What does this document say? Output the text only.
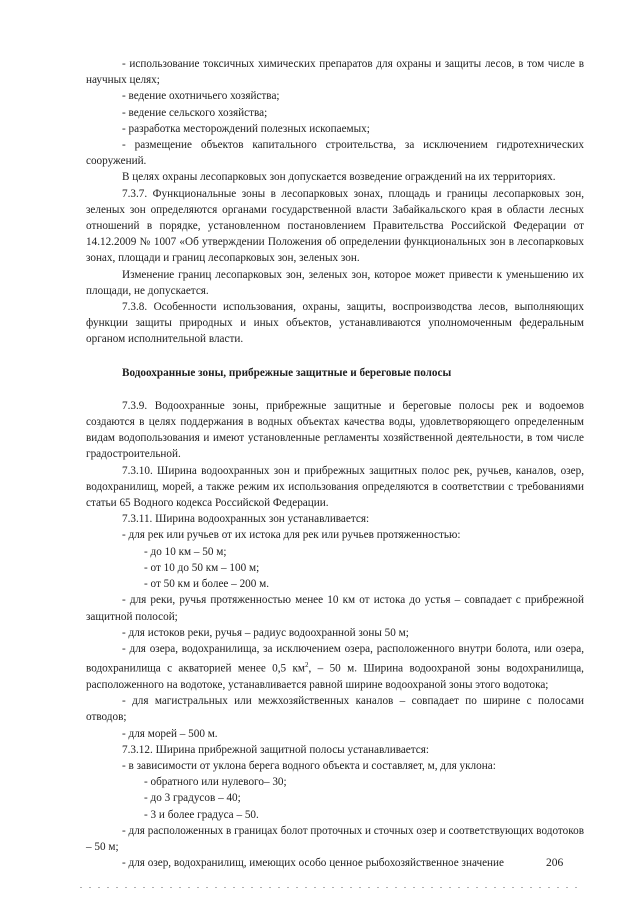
- использование токсичных химических препаратов для охраны и защиты лесов, в том числе в научных целях;

- ведение охотничьего хозяйства;

- ведение сельского хозяйства;

- разработка месторождений полезных ископаемых;

- размещение объектов капитального строительства, за исключением гидротехнических сооружений.

В целях охраны лесопарковых зон допускается возведение ограждений на их территориях.

7.3.7. Функциональные зоны в лесопарковых зонах, площадь и границы лесопарковых зон, зеленых зон определяются органами государственной власти Забайкальского края в области лесных отношений в порядке, установленном постановлением Правительства Российской Федерации от 14.12.2009 № 1007 «Об утверждении Положения об определении функциональных зон в лесопарковых зонах, площади и границ лесопарковых зон, зеленых зон.

Изменение границ лесопарковых зон, зеленых зон, которое может привести к уменьшению их площади, не допускается.

7.3.8. Особенности использования, охраны, защиты, воспроизводства лесов, выполняющих функции защиты природных и иных объектов, устанавливаются уполномоченным федеральным органом исполнительной власти.

Водоохранные зоны, прибрежные защитные и береговые полосы

7.3.9. Водоохранные зоны, прибрежные защитные и береговые полосы рек и водоемов создаются в целях поддержания в водных объектах качества воды, удовлетворяющего определенным видам водопользования и имеют установленные регламенты хозяйственной деятельности, в том числе градостроительной.

7.3.10. Ширина водоохранных зон и прибрежных защитных полос рек, ручьев, каналов, озер, водохранилищ, морей, а также режим их использования определяются в соответствии с требованиями статьи 65 Водного кодекса Российской Федерации.

7.3.11. Ширина водоохранных зон устанавливается:

- для рек или ручьев от их истока для рек или ручьев протяженностью:

- до 10 км – 50 м;

- от 10 до 50 км – 100 м;

- от 50 км и более – 200 м.

- для реки, ручья протяженностью менее 10 км от истока до устья – совпадает с прибрежной защитной полосой;

- для истоков реки, ручья – радиус водоохранной зоны 50 м;

- для озера, водохранилища, за исключением озера, расположенного внутри болота, или озера, водохранилища с акваторией менее 0,5 $км^2$, – 50 м. Ширина водоохраной зоны водохранилища, расположенного на водотоке, устанавливается равной ширине водоохраной зоны этого водотока;

- для магистральных или межхозяйственных каналов – совпадает по ширине с полосами отводов;

- для морей – 500 м.

7.3.12. Ширина прибрежной защитной полосы устанавливается:

- в зависимости от уклона берега водного объекта и составляет, м, для уклона:

- обратного или нулевого– 30;

- до 3 градусов – 40;

- 3 и более градуса – 50.

- для расположенных в границах болот проточных и сточных озер и соответствующих водотоков – 50 м;

- для озер, водохранилищ, имеющих особо ценное рыбохозяйственное значение	206
